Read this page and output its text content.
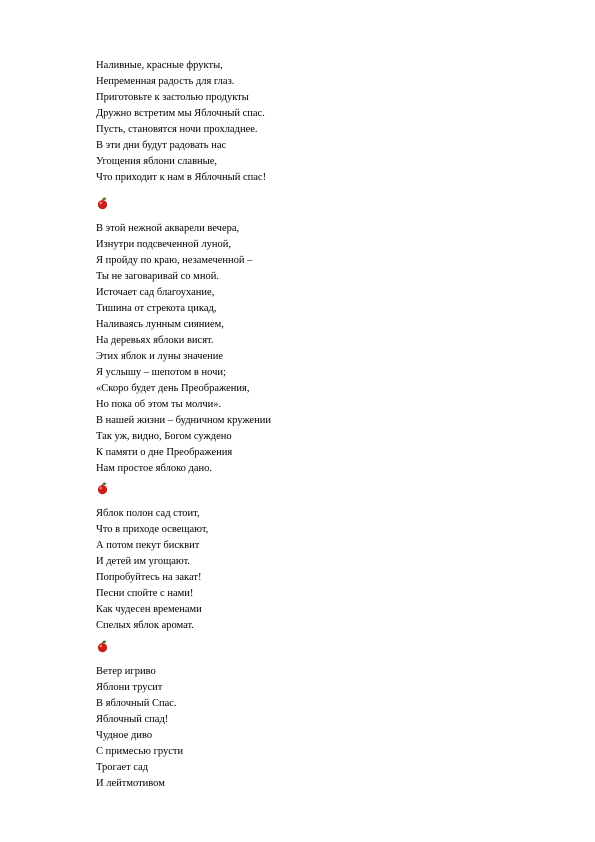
Наливные, красные фрукты,
Непременная радость для глаз.
Приготовьте к застолью продукты
Дружно встретим мы Яблочный спас.
Пусть, становятся ночи прохладнее.
В эти дни будут радовать нас
Угощения яблони славные,
Что приходит к нам в Яблочный спас!
В этой нежной акварели вечера,
Изнутри подсвеченной луной,
Я пройду по краю, незамеченной –
Ты не заговаривай со мной.
Источает сад благоухание,
Тишина от стрекота цикад,
Наливаясь лунным сиянием,
На деревьях яблоки висят.
Этих яблок и луны значение
Я услышу – шепотом в ночи;
«Скоро будет день Преображения,
Но пока об этом ты молчи».
В нашей жизни – будничном кружении
Так уж, видно, Богом суждено
К памяти о дне Преображения
Нам простое яблоко дано.
Яблок полон сад стоит,
Что в приходе освещают,
А потом пекут бисквит
И детей им угощают.
Попробуйтесь на закат!
Песни спойте с нами!
Как чудесен временами
Спелых яблок аромат.
Ветер игриво
Яблони трусит
В яблочный Спас.
Яблочный спад!
Чудное диво
С примесью грусти
Трогает сад
И лейтмотивом
